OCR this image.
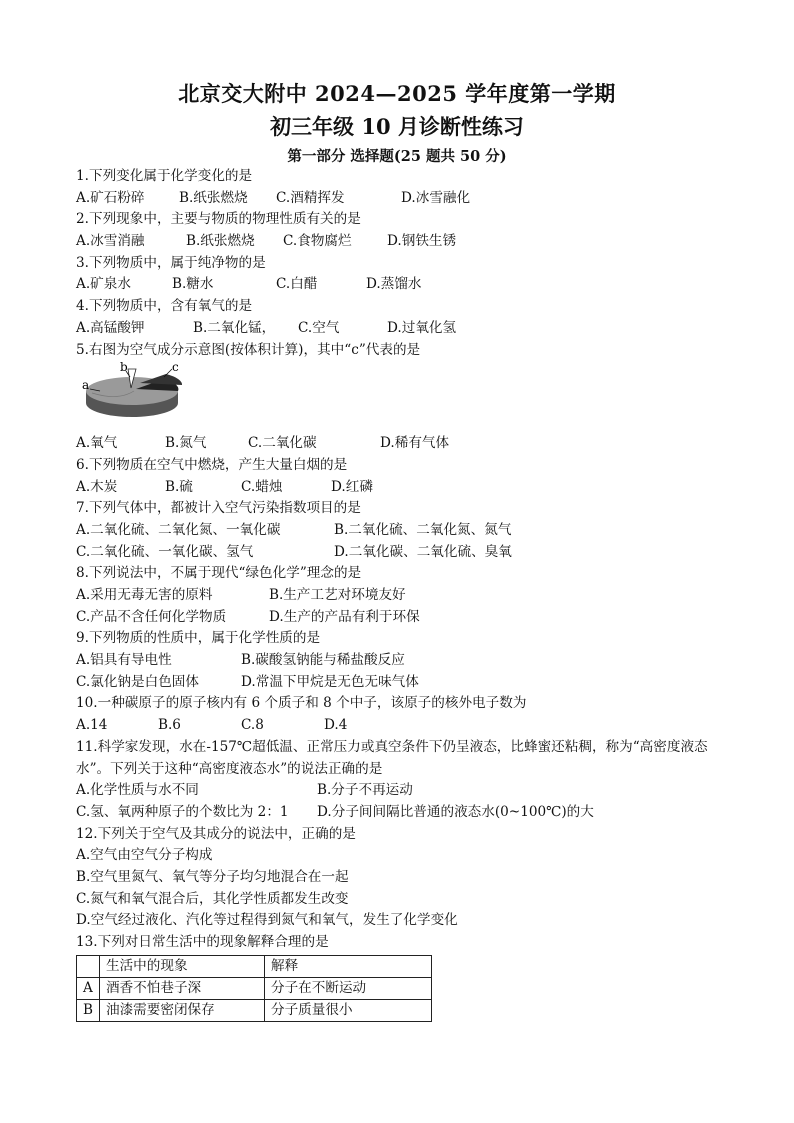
北京交大附中 2024—2025 学年度第一学期
初三年级 10 月诊断性练习
第一部分 选择题(25 题共 50 分)
1.下列变化属于化学变化的是
A.矿石粉碎	B.纸张燃烧 C.酒精挥发	D.冰雪融化
2.下列现象中，主要与物质的物理性质有关的是
A.冰雪消融	B.纸张燃烧 C.食物腐烂	D.钢铁生锈
3.下列物质中，属于纯净物的是
A.矿泉水	B.糖水	C.白醋	D.蒸馏水
4.下列物质中，含有氧气的是
A.高锰酸钾	B.二氧化锰， C.空气	D.过氧化氢
5.右图为空气成分示意图(按体积计算)，其中“c”代表的是
a
b	c
A.氧气	B.氮气	C.二氧化碳	D.稀有气体
6.下列物质在空气中燃烧，产生大量白烟的是
A.木炭	B.硫	C.蜡烛	D.红磷
7.下列气体中，都被计入空气污染指数项目的是
A.二氧化硫、二氧化氮、一氧化碳	B.二氧化硫、二氧化氮、氮气
C.二氧化硫、一氧化碳、氢气	D.二氧化碳、二氧化硫、臭氧
8.下列说法中，不属于现代“绿色化学”理念的是
A.采用无毒无害的原料	B.生产工艺对环境友好
C.产品不含任何化学物质	D.生产的产品有利于环保
9.下列物质的性质中，属于化学性质的是
A.铝具有导电性	B.碳酸氢钠能与稀盐酸反应
C.氯化钠是白色固体	D.常温下甲烷是无色无味气体
10.一种碳原子的原子核内有 6 个质子和 8 个中子，该原子的核外电子数为
A.14	B.6	C.8	D.4
11.科学家发现，水在-157℃超低温、正常压力或真空条件下仍呈液态，比蜂蜜还粘稠，称为“高密度液态水”。下列关于这种“高密度液态水”的说法正确的是
A.化学性质与水不同	B.分子不再运动
C.氢、氧两种原子的个数比为 2：1 D.分子间间隔比普通的液态水(0~100℃)的大
12.下列关于空气及其成分的说法中，正确的是
A.空气由空气分子构成
B.空气里氮气、氧气等分子均匀地混合在一起
C.氮气和氧气混合后，其化学性质都发生改变
D.空气经过液化、汽化等过程得到氮气和氧气，发生了化学变化
13.下列对日常生活中的现象解释合理的是
	生活中的现象	解释
A	酒香不怕巷子深	分子在不断运动
B	油漆需要密闭保存	分子质量很小
